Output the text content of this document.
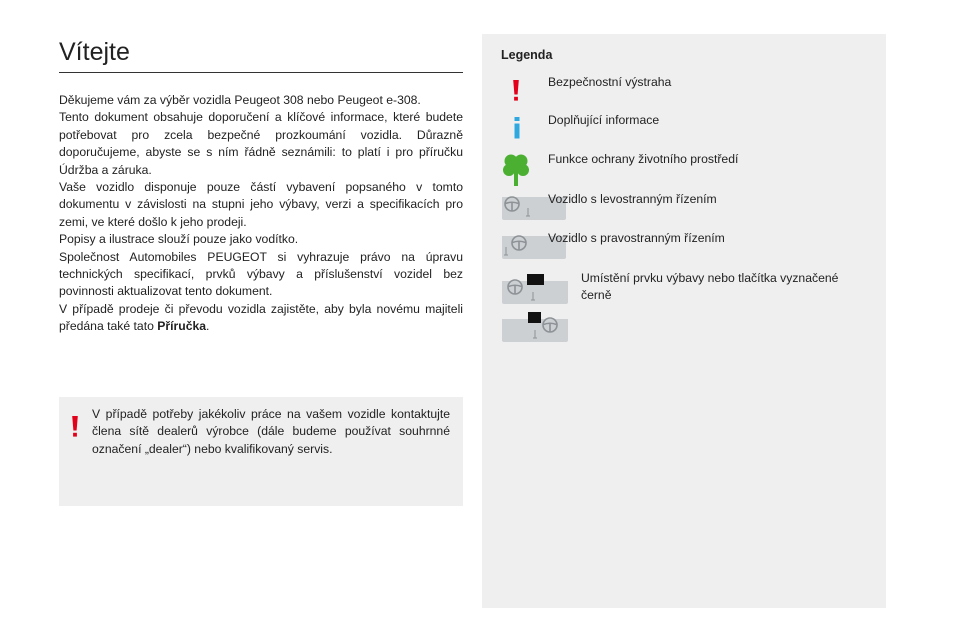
Vítejte

Děkujeme vám za výběr vozidla Peugeot 308 nebo Peugeot e-308.

Tento dokument obsahuje doporučení a klíčové informace, které budete potřebovat pro zcela bezpečné prozkoumání vozidla. Důrazně doporučujeme, abyste se s ním řádně seznámili: to platí i pro příručku Údržba a záruka.

Vaše vozidlo disponuje pouze částí vybavení popsaného v tomto dokumentu v závislosti na stupni jeho výbavy, verzi a specifikacích pro zemi, ve které došlo k jeho prodeji.

Popisy a ilustrace slouží pouze jako vodítko.

Společnost Automobiles PEUGEOT si vyhrazuje právo na úpravu technických specifikací, prvků výbavy a příslušenství vozidel bez povinnosti aktualizovat tento dokument.

V případě prodeje či převodu vozidla zajistěte, aby byla novému majiteli předána také tato Příručka.

V případě potřeby jakékoliv práce na vašem vozidle kontaktujte člena sítě dealerů výrobce (dále budeme používat souhrnné označení „dealer“) nebo kvalifikovaný servis.
Legenda
Bezpečnostní výstraha
Doplňující informace
Funkce ochrany životního prostředí
Vozidlo s levostranným řízením
Vozidlo s pravostranným řízením
Umístění prvku výbavy nebo tlačítka vyznačené černě
